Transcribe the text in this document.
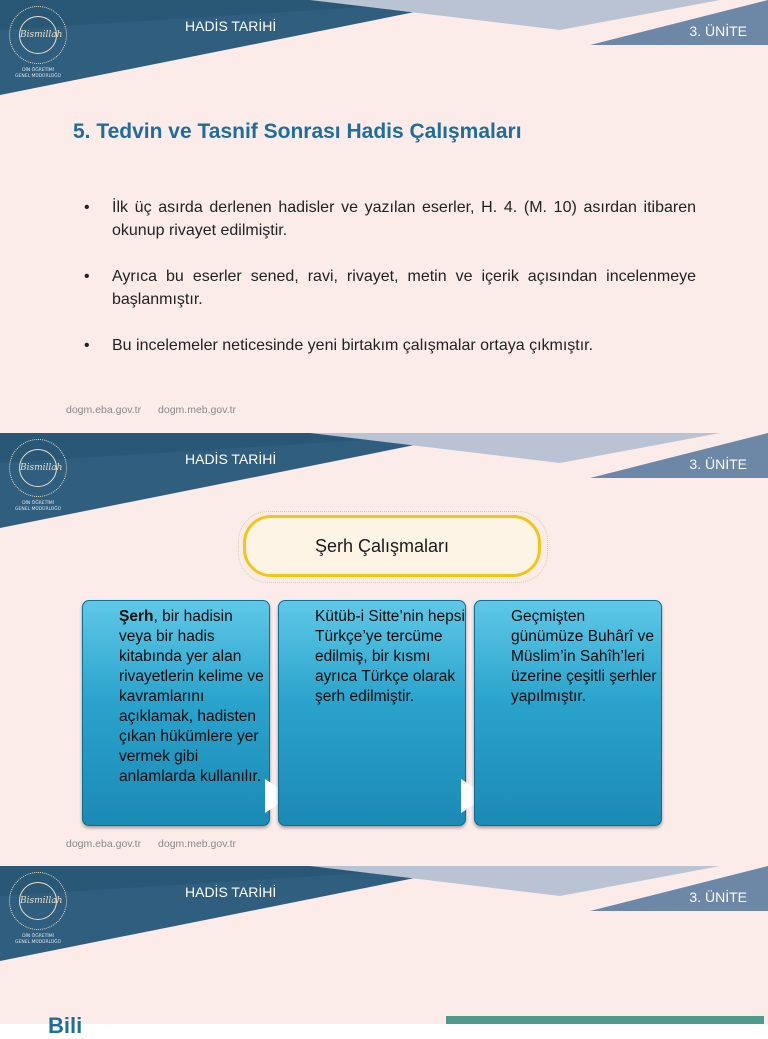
Bismillah
DİN ÖĞRETİMİ
GENEL MÜDÜRLÜĞÜ
HADİS TARİHİ	3. ÜNİTE
5. Tedvin ve Tasnif Sonrası Hadis Çalışmaları
• İlk üç asırda derlenen hadisler ve yazılan eserler, H. 4. (M. 10) asırdan itibaren okunup rivayet edilmiştir.
• Ayrıca bu eserler sened, ravi, rivayet, metin ve içerik açısından incelenmeye başlanmıştır.
• Bu incelemeler neticesinde yeni birtakım çalışmalar ortaya çıkmıştır.
dogm.eba.gov.tr dogm.meb.gov.tr
Bismillah
DİN ÖĞRETİMİ
GENEL MÜDÜRLÜĞÜ
HADİS TARİHİ	3. ÜNİTE
Şerh Çalışmaları
Şerh, bir hadisin veya bir hadis kitabında yer alan rivayetlerin kelime ve kavramlarını açıklamak, hadisten çıkan hükümlere yer vermek gibi anlamlarda kullanılır.
Kütüb-i Sitte’nin hepsi Türkçe’ye tercüme edilmiş, bir kısmı ayrıca Türkçe olarak şerh edilmiştir.
Geçmişten günümüze Buhârî ve Müslim’in Sahîh’leri üzerine çeşitli şerhler yapılmıştır.
dogm.eba.gov.tr dogm.meb.gov.tr
Bismillah
DİN ÖĞRETİMİ
GENEL MÜDÜRLÜĞÜ
HADİS TARİHİ	3. ÜNİTE
Bili
